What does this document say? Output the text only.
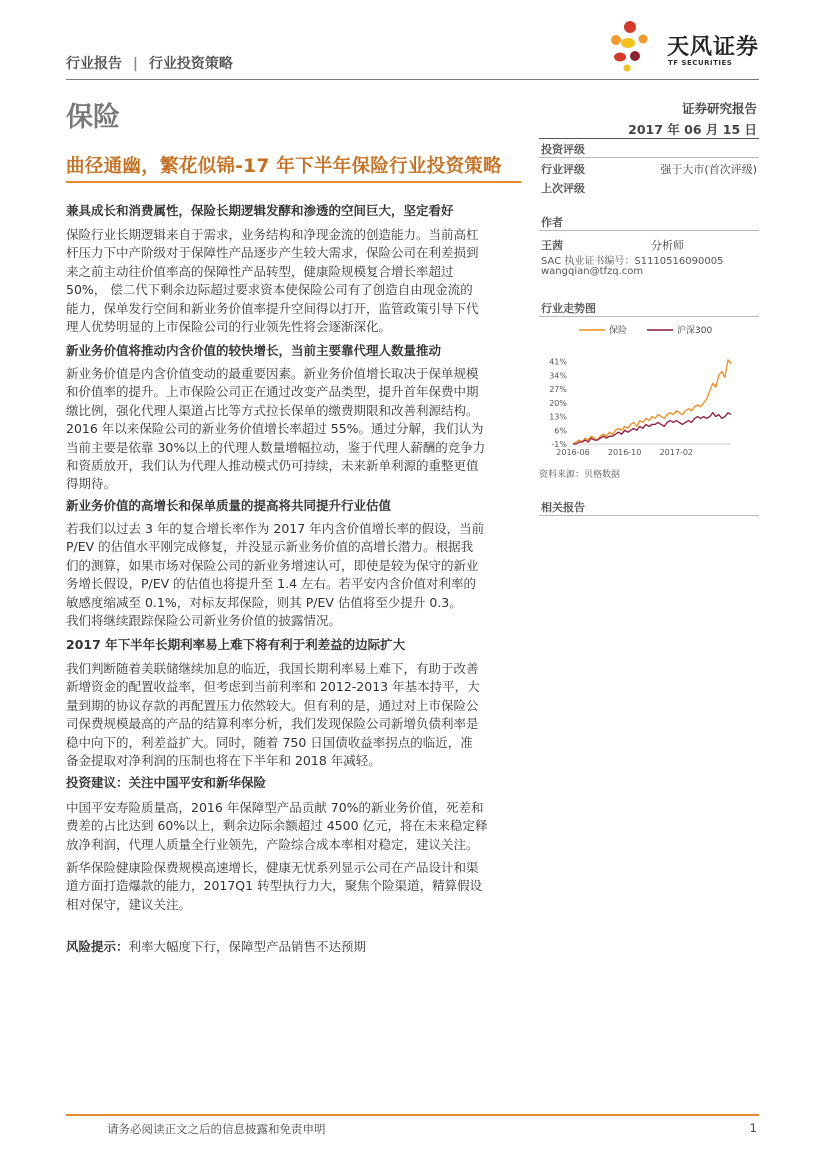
行业报告 | 行业投资策略
天风证券
TF SECURITIES
保险	证券研究报告
2017 年 06 月 15 日
曲径通幽，繁花似锦-17 年下半年保险行业投资策略
投资评级
行业评级	强于大市(首次评级)
上次评级
作者
王茜	分析师
SAC 执业证书编号：S1110516090005
wangqian@tfzq.com
行业走势图
保险	沪深300
-1%
6%
13%
20%
27%
34%
41%
2016-06 2016-10 2017-02
资料来源：贝格数据
相关报告
兼具成长和消费属性，保险长期逻辑发酵和渗透的空间巨大，坚定看好
保险行业长期逻辑来自于需求，业务结构和净现金流的创造能力。当前高杠
杆压力下中产阶级对于保障性产品逐步产生较大需求，保险公司在利差损到
来之前主动往价值率高的保障性产品转型，健康险规模复合增长率超过
50%， 偿二代下剩余边际超过要求资本使保险公司有了创造自由现金流的
能力，保单发行空间和新业务价值率提升空间得以打开，监管政策引导下代
理人优势明显的上市保险公司的行业领先性将会逐渐深化。
新业务价值将推动内含价值的较快增长，当前主要靠代理人数量推动
新业务价值是内含价值变动的最重要因素。新业务价值增长取决于保单规模
和价值率的提升。上市保险公司正在通过改变产品类型，提升首年保费中期
缴比例，强化代理人渠道占比等方式拉长保单的缴费期限和改善利源结构。
2016 年以来保险公司的新业务价值增长率超过 55%。通过分解，我们认为
当前主要是依靠 30%以上的代理人数量增幅拉动，鉴于代理人薪酬的竞争力
和资质放开，我们认为代理人推动模式仍可持续，未来新单利源的重整更值
得期待。
新业务价值的高增长和保单质量的提高将共同提升行业估值
若我们以过去 3 年的复合增长率作为 2017 年内含价值增长率的假设，当前
P/EV 的估值水平刚完成修复，并没显示新业务价值的高增长潜力。根据我
们的测算，如果市场对保险公司的新业务增速认可，即使是较为保守的新业
务增长假设，P/EV 的估值也将提升至 1.4 左右。若平安内含价值对利率的
敏感度缩减至 0.1%，对标友邦保险，则其 P/EV 估值将至少提升 0.3。
我们将继续跟踪保险公司新业务价值的披露情况。
2017 年下半年长期利率易上难下将有利于利差益的边际扩大
我们判断随着美联储继续加息的临近，我国长期利率易上难下，有助于改善
新增资金的配置收益率，但考虑到当前利率和 2012-2013 年基本持平，大
量到期的协议存款的再配置压力依然较大。但有利的是，通过对上市保险公
司保费规模最高的产品的结算利率分析，我们发现保险公司新增负债利率是
稳中向下的，利差益扩大。同时，随着 750 日国债收益率拐点的临近，准
备金提取对净利润的压制也将在下半年和 2018 年减轻。
投资建议：关注中国平安和新华保险
中国平安寿险质量高，2016 年保障型产品贡献 70%的新业务价值，死差和
费差的占比达到 60%以上，剩余边际余额超过 4500 亿元，将在未来稳定释
放净利润，代理人质量全行业领先，产险综合成本率相对稳定，建议关注。
新华保险健康险保费规模高速增长，健康无忧系列显示公司在产品设计和渠
道方面打造爆款的能力，2017Q1 转型执行力大，聚焦个险渠道，精算假设
相对保守，建议关注。
风险提示：利率大幅度下行，保障型产品销售不达预期
请务必阅读正文之后的信息披露和免责申明	1
